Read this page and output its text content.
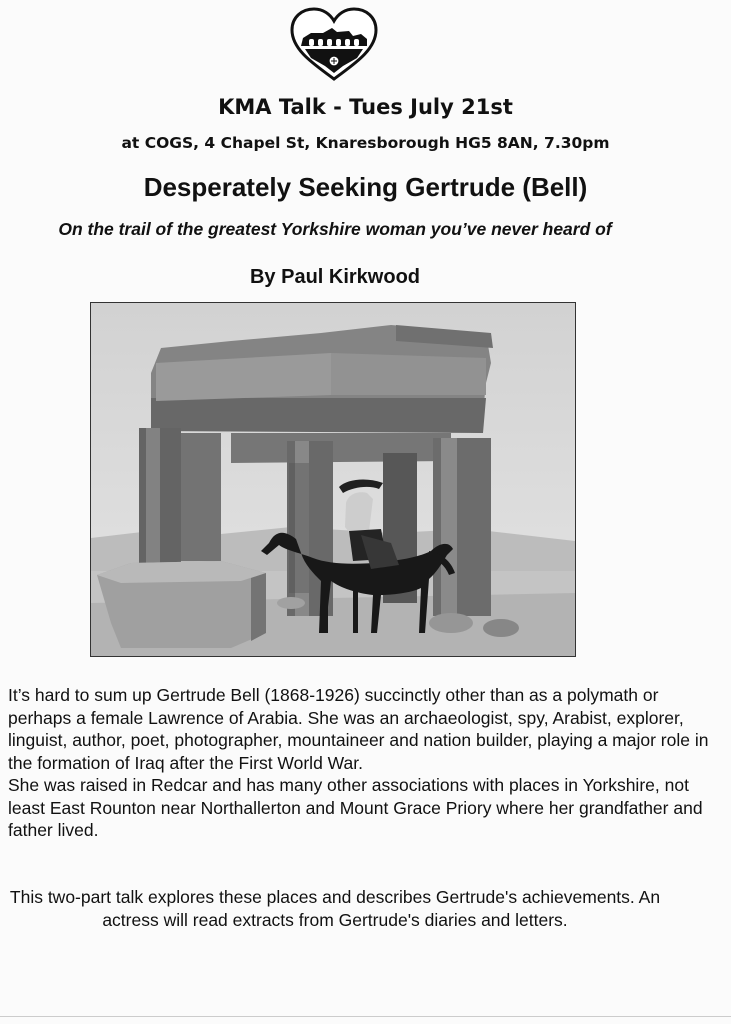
KMA Talk - Tues July 21st
at COGS, 4 Chapel St, Knaresborough HG5 8AN, 7.30pm
Desperately Seeking Gertrude (Bell)
On the trail of the greatest Yorkshire woman you’ve never heard of
By Paul Kirkwood

It’s hard to sum up Gertrude Bell (1868-1926) succinctly other than as a polymath or perhaps a female Lawrence of Arabia. She was an archaeologist, spy, Arabist, explorer, linguist, author, poet, photographer, mountaineer and nation builder, playing a major role in the formation of Iraq after the First World War.

She was raised in Redcar and has many other associations with places in Yorkshire, not least East Rounton near Northallerton and Mount Grace Priory where her grandfather and father lived.

This two-part talk explores these places and describes Gertrude's achievements. An actress will read extracts from Gertrude's diaries and letters.
